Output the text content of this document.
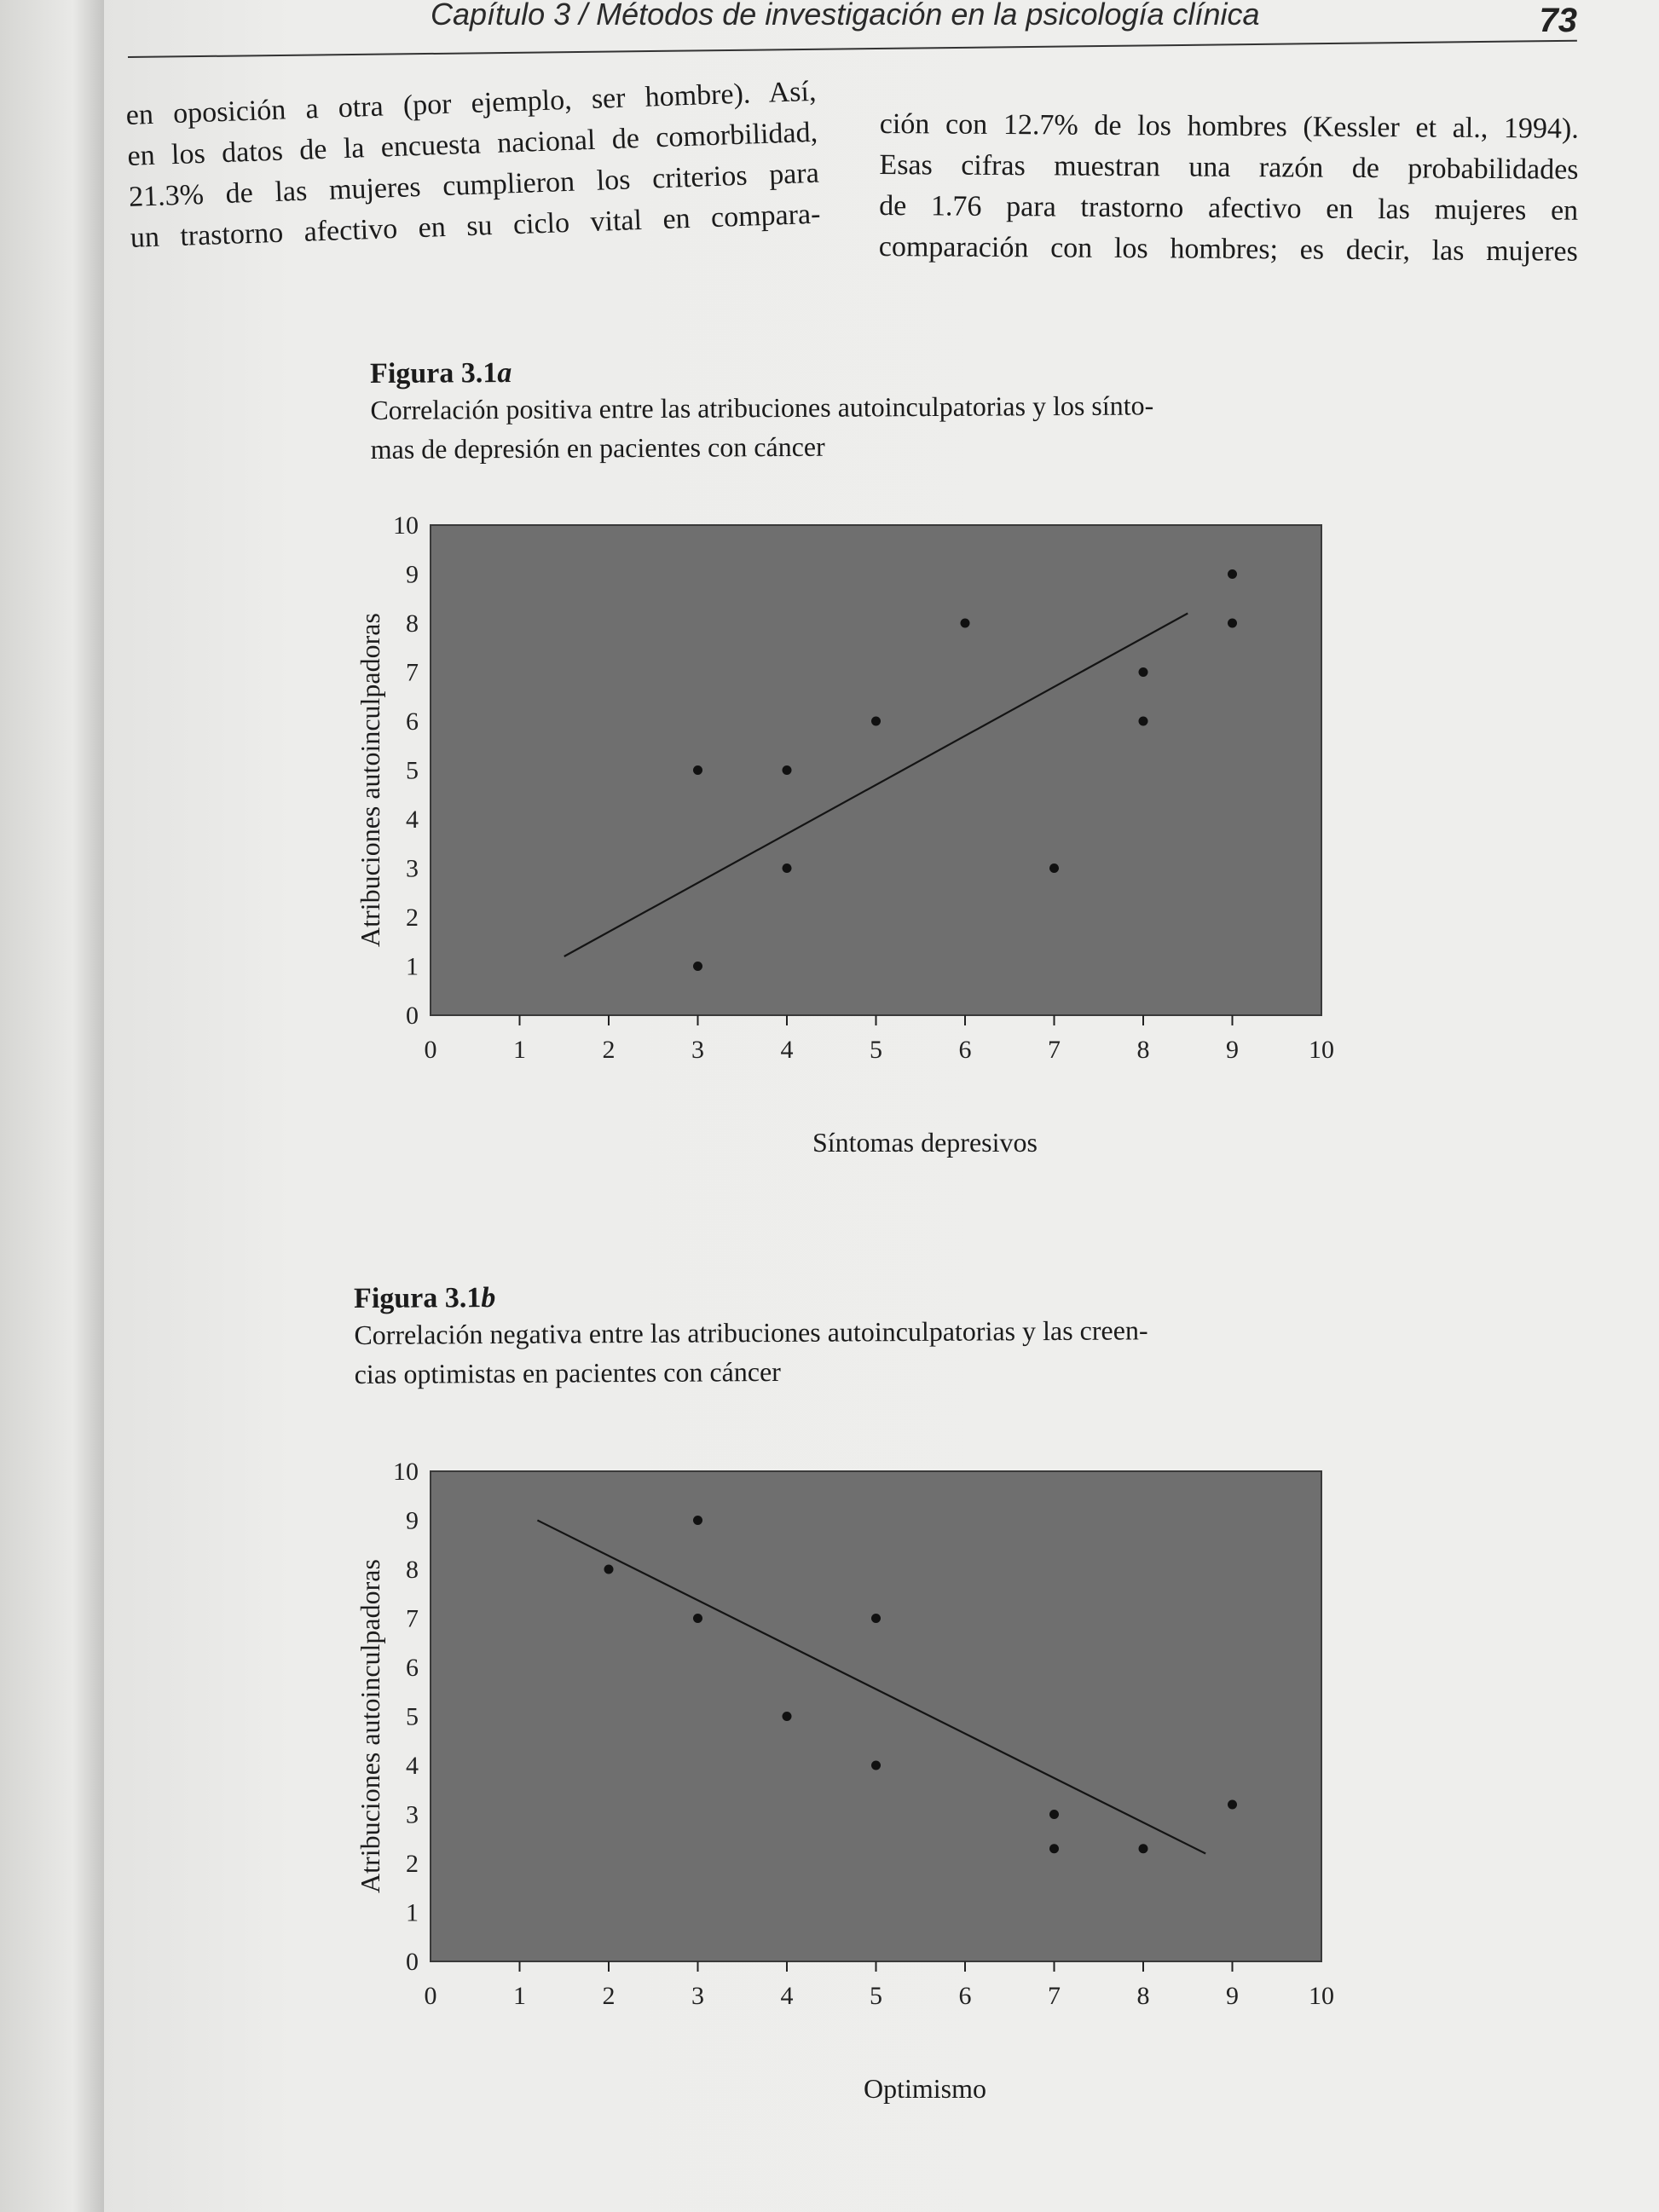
Capítulo 3 / Métodos de investigación en la psicología clínica	73

en oposición a otra (por ejemplo, ser hombre). Así,

en los datos de la encuesta nacional de comorbilidad,

21.3% de las mujeres cumplieron los criterios para

un trastorno afectivo en su ciclo vital en compara-

ción con 12.7% de los hombres (Kessler et al., 1994).

Esas cifras muestran una razón de probabilidades

de 1.76 para trastorno afectivo en las mujeres en

comparación con los hombres; es decir, las mujeres

Figura 3.1a
Correlación positiva entre las atribuciones autoinculpatorias y los sínto-
mas de depresión en pacientes con cáncer
0	1	2	3	4	5	6	7	8	9	10
0
1
2
3
4
5
6
7
8
9
10
Síntomas depresivos
Atribuciones autoinculpadoras
Figura 3.1b
Correlación negativa entre las atribuciones autoinculpatorias y las creen-
cias optimistas en pacientes con cáncer
0	1	2	3	4	5	6	7	8	9	10
0
1
2
3
4
5
6
7
8
9
10
Optimismo
Atribuciones autoinculpadoras
